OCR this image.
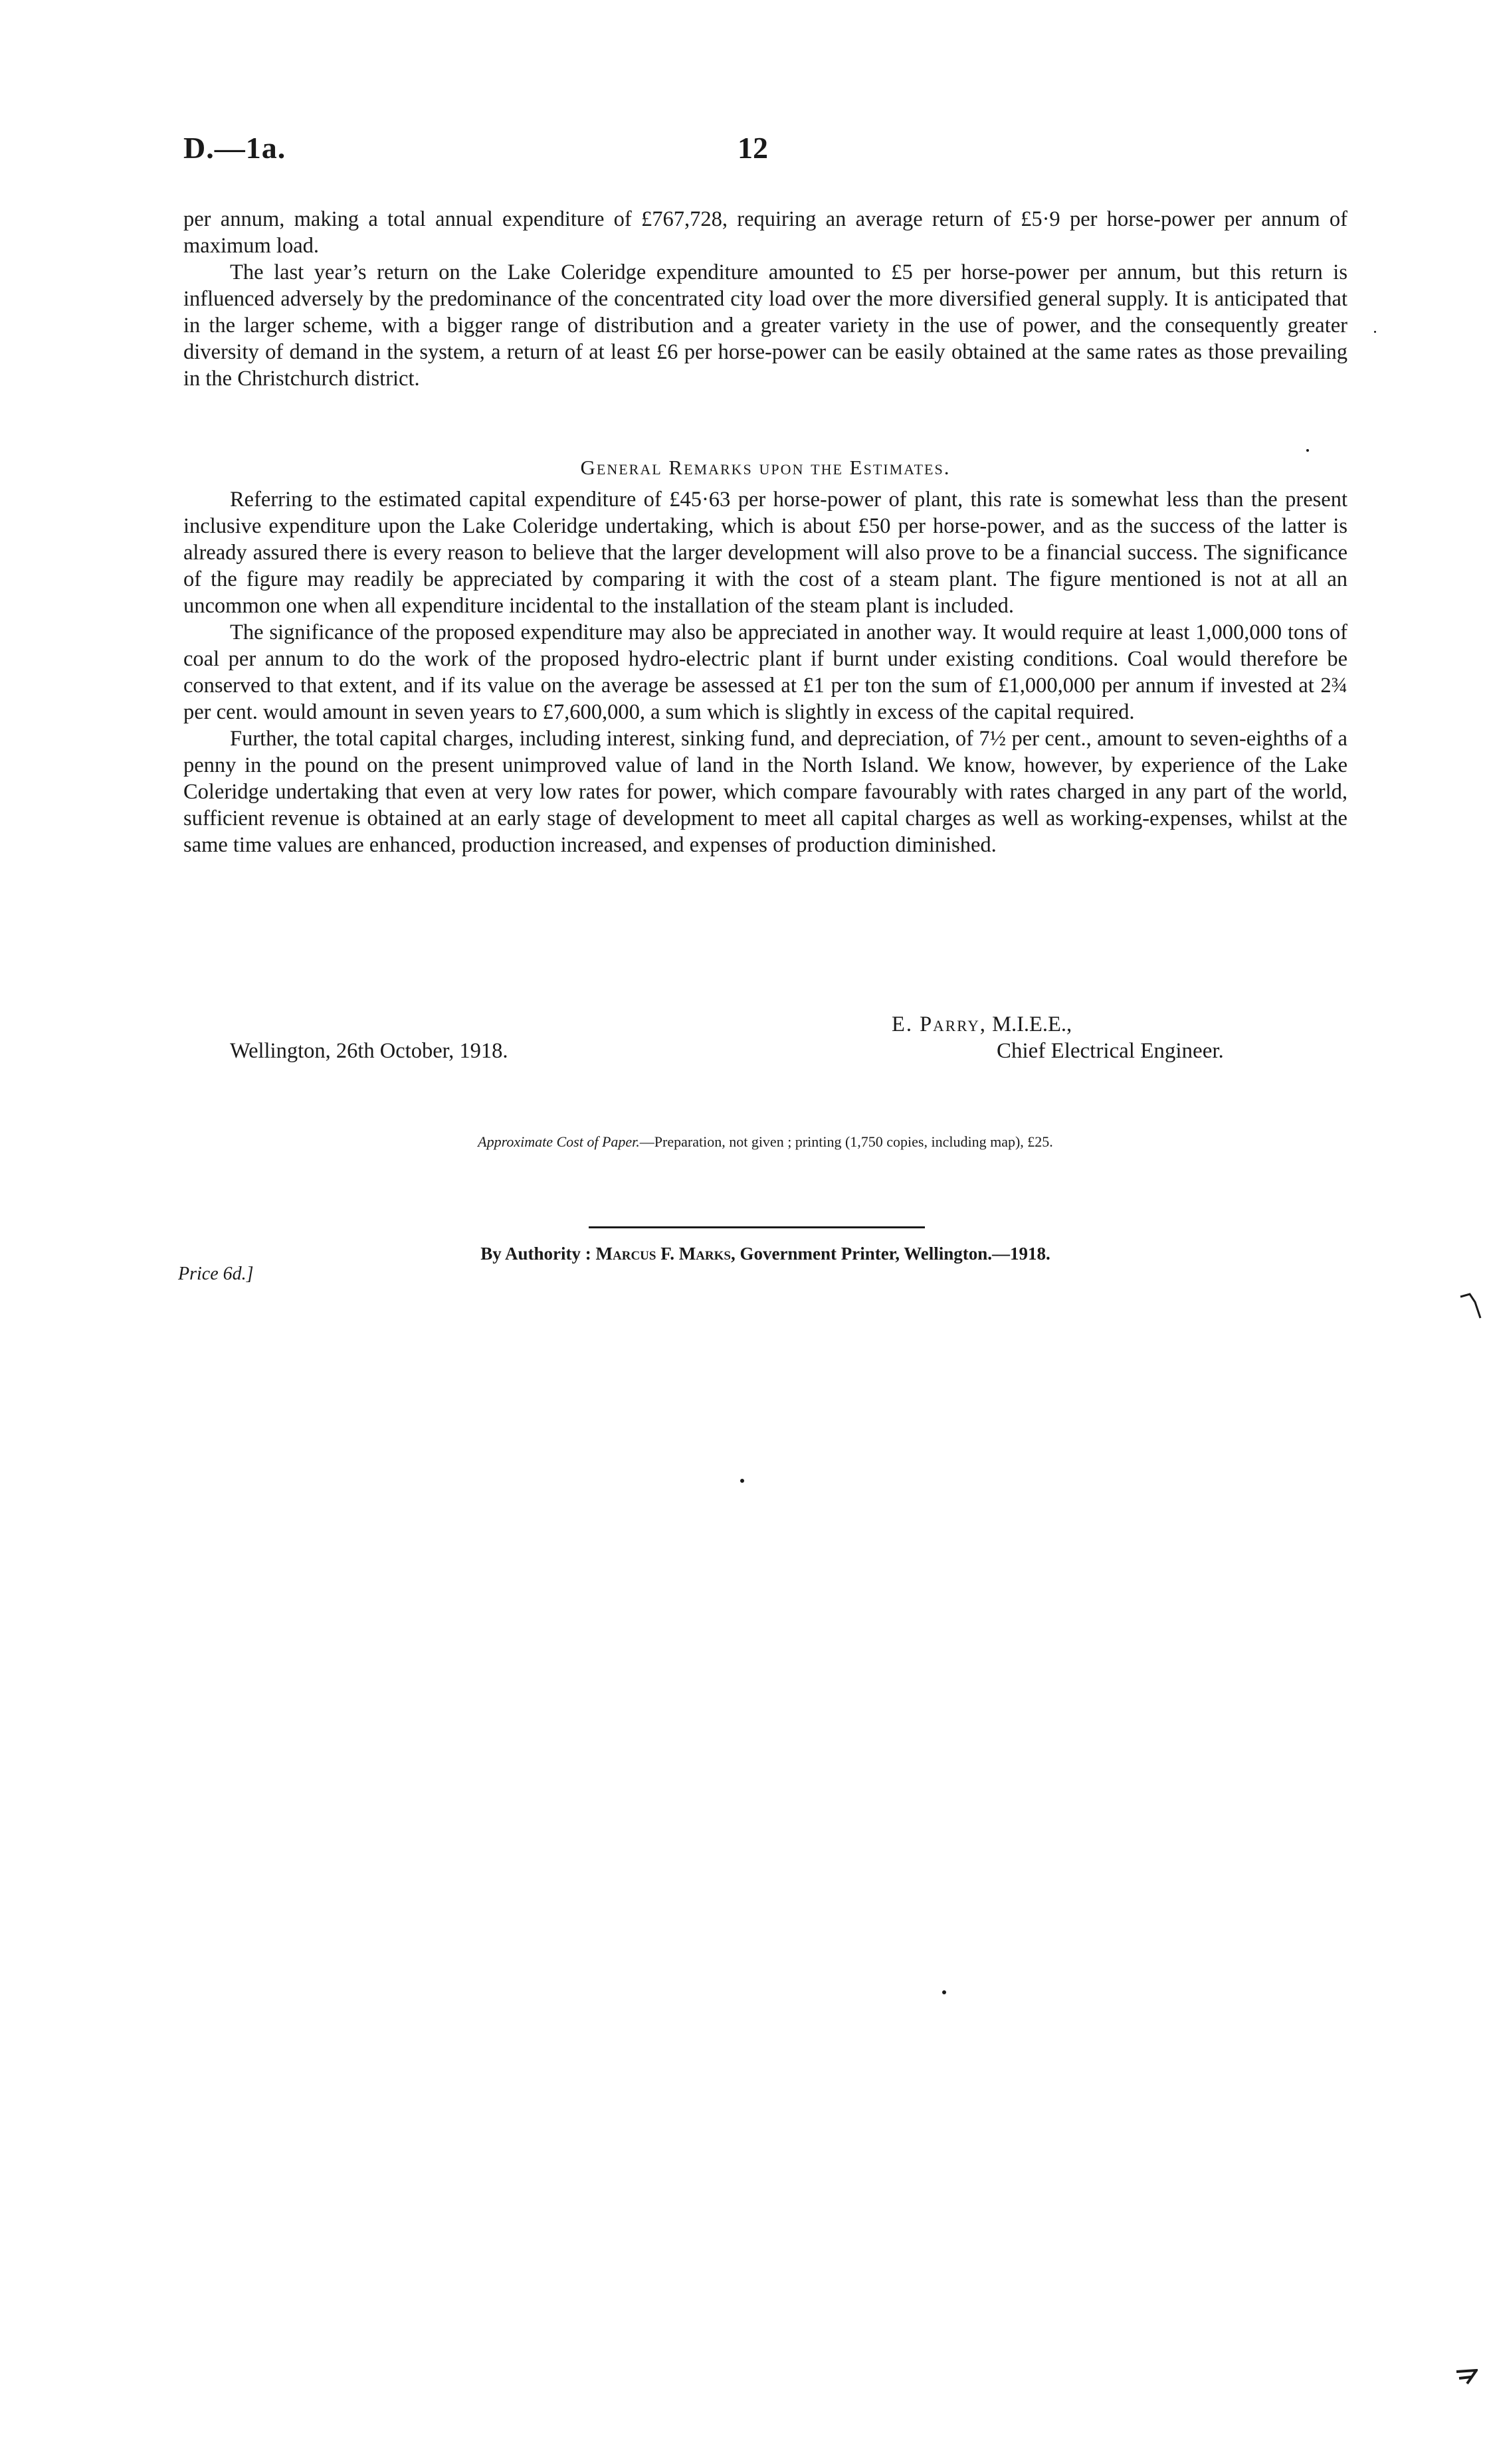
D.—1a.	12

per annum, making a total annual expenditure of £767,728, requiring an average return of £5·9 per horse-power per annum of maximum load.

The last year’s return on the Lake Coleridge expenditure amounted to £5 per horse-power per annum, but this return is influenced adversely by the predominance of the concentrated city load over the more diversified general supply. It is anticipated that in the larger scheme, with a bigger range of distribution and a greater variety in the use of power, and the consequently greater diversity of demand in the system, a return of at least £6 per horse-power can be easily obtained at the same rates as those prevailing in the Christchurch district.

General Remarks upon the Estimates.

Referring to the estimated capital expenditure of £45·63 per horse-power of plant, this rate is somewhat less than the present inclusive expenditure upon the Lake Coleridge undertaking, which is about £50 per horse-power, and as the success of the latter is already assured there is every reason to believe that the larger development will also prove to be a financial success. The significance of the figure may readily be appreciated by comparing it with the cost of a steam plant. The figure mentioned is not at all an uncommon one when all expenditure incidental to the installation of the steam plant is included.

The significance of the proposed expenditure may also be appreciated in another way. It would require at least 1,000,000 tons of coal per annum to do the work of the proposed hydro-electric plant if burnt under existing conditions. Coal would therefore be conserved to that extent, and if its value on the average be assessed at £1 per ton the sum of £1,000,000 per annum if invested at 2¾ per cent. would amount in seven years to £7,600,000, a sum which is slightly in excess of the capital required.

Further, the total capital charges, including interest, sinking fund, and depreciation, of 7½ per cent., amount to seven-eighths of a penny in the pound on the present unimproved value of land in the North Island. We know, however, by experience of the Lake Coleridge undertaking that even at very low rates for power, which compare favourably with rates charged in any part of the world, sufficient revenue is obtained at an early stage of development to meet all capital charges as well as working-expenses, whilst at the same time values are enhanced, production increased, and expenses of production diminished.

E. Parry, M.I.E.E.,
Wellington, 26th October, 1918.	Chief Electrical Engineer.
Approximate Cost of Paper.—Preparation, not given ; printing (1,750 copies, including map), £25.
By Authority : Marcus F. Marks, Government Printer, Wellington.—1918.
Price 6d.]
